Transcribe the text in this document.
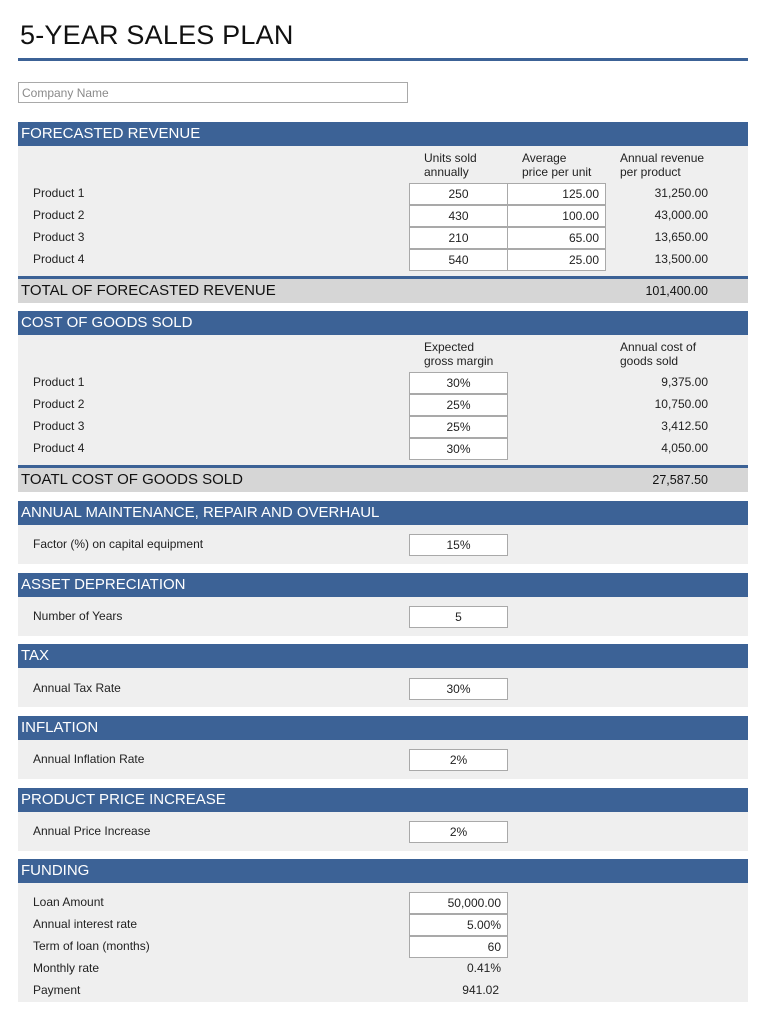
5-YEAR SALES PLAN
Company Name
FORECASTED REVENUE
Units sold
annually
Average
price per unit
Annual revenue
per product
Product 1	250	125.00	31,250.00
Product 2	430	100.00	43,000.00
Product 3	210	65.00	13,650.00
Product 4	540	25.00	13,500.00
TOTAL OF FORECASTED REVENUE	101,400.00
COST OF GOODS SOLD
Expected
gross margin
Annual cost of
goods sold
Product 1	30%	9,375.00
Product 2	25%	10,750.00
Product 3	25%	3,412.50
Product 4	30%	4,050.00
TOATL COST OF GOODS SOLD	27,587.50
ANNUAL MAINTENANCE, REPAIR AND OVERHAUL
Factor (%) on capital equipment	15%
ASSET DEPRECIATION
Number of Years	5
TAX
Annual Tax Rate	30%
INFLATION
Annual Inflation Rate	2%
PRODUCT PRICE INCREASE
Annual Price Increase	2%
FUNDING
Loan Amount	50,000.00
Annual interest rate	5.00%
Term of loan (months)	60
Monthly rate	0.41%
Payment	941.02
